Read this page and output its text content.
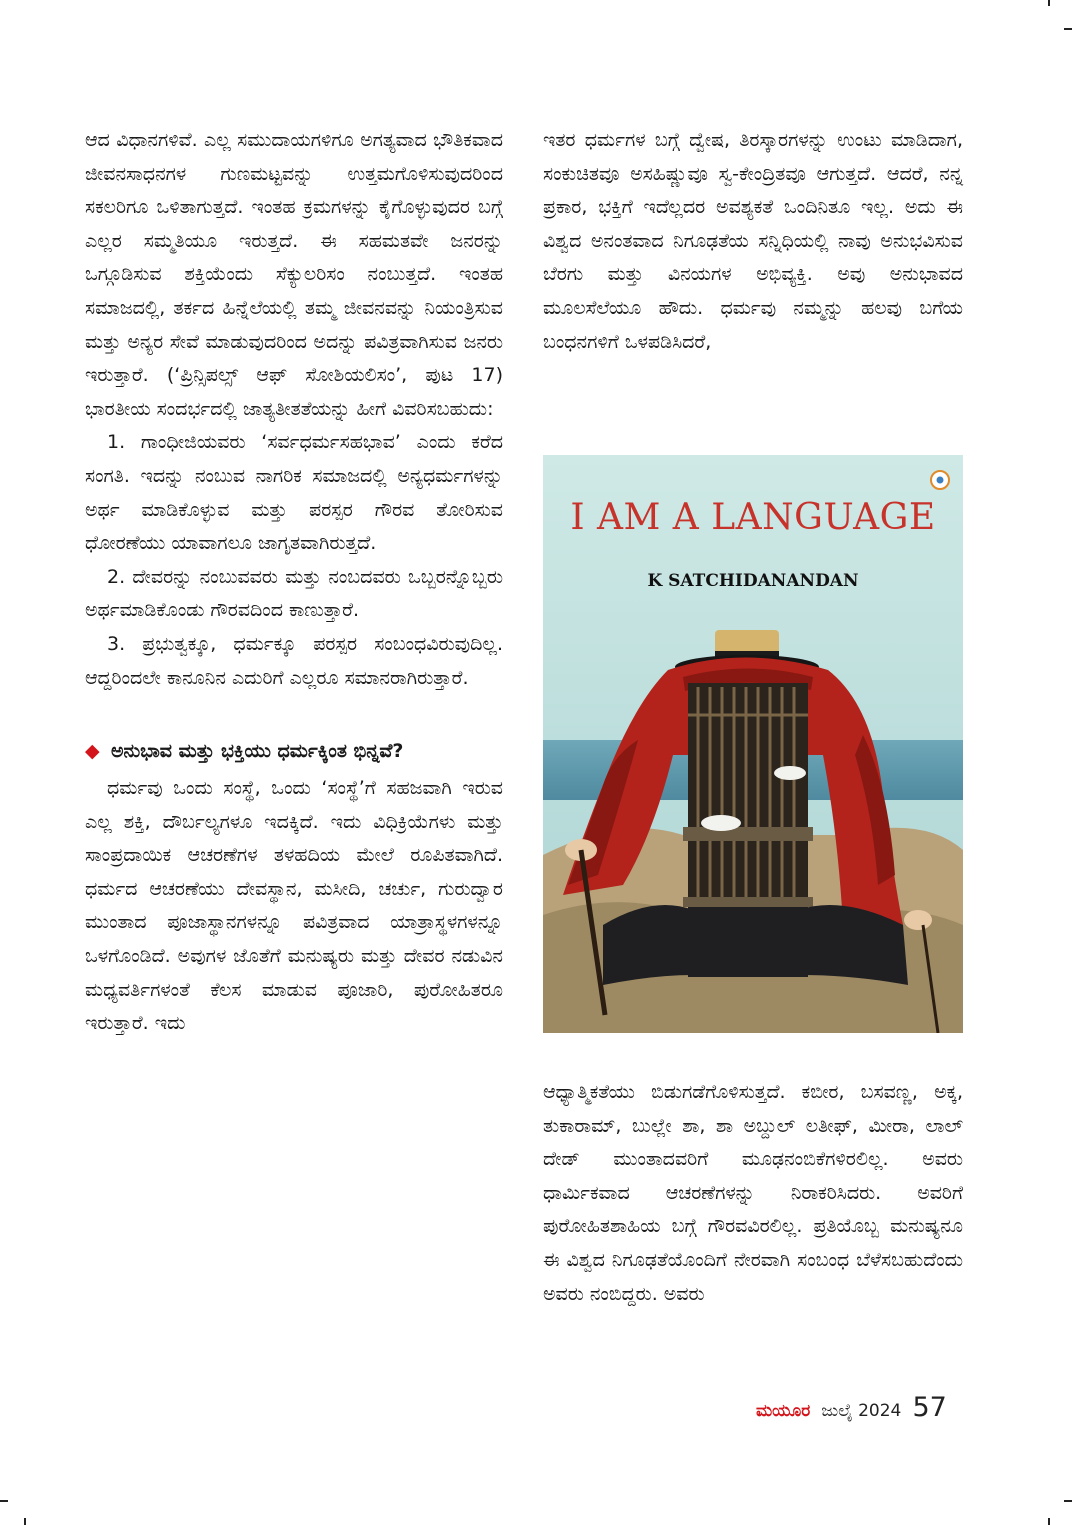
ಆದ ವಿಧಾನಗಳಿವೆ. ಎಲ್ಲ ಸಮುದಾಯಗಳಿಗೂ ಅಗತ್ಯವಾದ ಭೌತಿಕವಾದ ಜೀವನಸಾಧನಗಳ ಗುಣಮಟ್ಟವನ್ನು ಉತ್ತಮಗೊಳಿಸುವುದರಿಂದ ಸಕಲರಿಗೂ ಒಳಿತಾಗುತ್ತದೆ. ಇಂತಹ ಕ್ರಮಗಳನ್ನು ಕೈಗೊಳ್ಳುವುದರ ಬಗ್ಗೆ ಎಲ್ಲರ ಸಮ್ಮತಿಯೂ ಇರುತ್ತದೆ. ಈ ಸಹಮತವೇ ಜನರನ್ನು ಒಗ್ಗೂಡಿಸುವ ಶಕ್ತಿಯೆಂದು ಸೆಕ್ಯುಲರಿಸಂ ನಂಬುತ್ತದೆ. ಇಂತಹ ಸಮಾಜದಲ್ಲಿ, ತರ್ಕದ ಹಿನ್ನೆಲೆಯಲ್ಲಿ ತಮ್ಮ ಜೀವನವನ್ನು ನಿಯಂತ್ರಿಸುವ ಮತ್ತು ಅನ್ಯರ ಸೇವೆ ಮಾಡುವುದರಿಂದ ಅದನ್ನು ಪವಿತ್ರವಾಗಿಸುವ ಜನರು ಇರುತ್ತಾರೆ. (‘ಪ್ರಿನ್ಸಿಪಲ್ಸ್ ಆಫ್ ಸೋಶಿಯಲಿಸಂ’, ಪುಟ 17) ಭಾರತೀಯ ಸಂದರ್ಭದಲ್ಲಿ ಜಾತ್ಯತೀತತೆಯನ್ನು ಹೀಗೆ ವಿವರಿಸಬಹುದು:

1. ಗಾಂಧೀಜಿಯವರು ‘ಸರ್ವಧರ್ಮಸಹಭಾವ’ ಎಂದು ಕರೆದ ಸಂಗತಿ. ಇದನ್ನು ನಂಬುವ ನಾಗರಿಕ ಸಮಾಜದಲ್ಲಿ ಅನ್ಯಧರ್ಮಗಳನ್ನು ಅರ್ಥ ಮಾಡಿಕೊಳ್ಳುವ ಮತ್ತು ಪರಸ್ಪರ ಗೌರವ ತೋರಿಸುವ ಧೋರಣೆಯು ಯಾವಾಗಲೂ ಜಾಗೃತವಾಗಿರುತ್ತದೆ.

2. ದೇವರನ್ನು ನಂಬುವವರು ಮತ್ತು ನಂಬದವರು ಒಬ್ಬರನ್ನೊಬ್ಬರು ಅರ್ಥಮಾಡಿಕೊಂಡು ಗೌರವದಿಂದ ಕಾಣುತ್ತಾರೆ.

3. ಪ್ರಭುತ್ವಕ್ಕೂ, ಧರ್ಮಕ್ಕೂ ಪರಸ್ಪರ ಸಂಬಂಧವಿರುವುದಿಲ್ಲ. ಆದ್ದರಿಂದಲೇ ಕಾನೂನಿನ ಎದುರಿಗೆ ಎಲ್ಲರೂ ಸಮಾನರಾಗಿರುತ್ತಾರೆ.

◆ ಅನುಭಾವ ಮತ್ತು ಭಕ್ತಿಯು ಧರ್ಮಕ್ಕಿಂತ ಭಿನ್ನವೆ?

ಧರ್ಮವು ಒಂದು ಸಂಸ್ಥೆ, ಒಂದು ‘ಸಂಸ್ಥೆ’ಗೆ ಸಹಜವಾಗಿ ಇರುವ ಎಲ್ಲ ಶಕ್ತಿ, ದೌರ್ಬಲ್ಯಗಳೂ ಇದಕ್ಕಿದೆ. ಇದು ವಿಧಿಕ್ರಿಯೆಗಳು ಮತ್ತು ಸಾಂಪ್ರದಾಯಿಕ ಆಚರಣೆಗಳ ತಳಹದಿಯ ಮೇಲೆ ರೂಪಿತವಾಗಿದೆ. ಧರ್ಮದ ಆಚರಣೆಯು ದೇವಸ್ಥಾನ, ಮಸೀದಿ, ಚರ್ಚು, ಗುರುದ್ವಾರ ಮುಂತಾದ ಪೂಜಾಸ್ಥಾನಗಳನ್ನೂ ಪವಿತ್ರವಾದ ಯಾತ್ರಾಸ್ಥಳಗಳನ್ನೂ ಒಳಗೊಂಡಿದೆ. ಅವುಗಳ ಜೊತೆಗೆ ಮನುಷ್ಯರು ಮತ್ತು ದೇವರ ನಡುವಿನ ಮಧ್ಯವರ್ತಿಗಳಂತೆ ಕೆಲಸ ಮಾಡುವ ಪೂಜಾರಿ, ಪುರೋಹಿತರೂ ಇರುತ್ತಾರೆ. ಇದು

ಇತರ ಧರ್ಮಗಳ ಬಗ್ಗೆ ದ್ವೇಷ, ತಿರಸ್ಕಾರಗಳನ್ನು ಉಂಟು ಮಾಡಿದಾಗ, ಸಂಕುಚಿತವೂ ಅಸಹಿಷ್ಣುವೂ ಸ್ವ-ಕೇಂದ್ರಿತವೂ ಆಗುತ್ತದೆ. ಆದರೆ, ನನ್ನ ಪ್ರಕಾರ, ಭಕ್ತಿಗೆ ಇದೆಲ್ಲದರ ಅವಶ್ಯಕತೆ ಒಂದಿನಿತೂ ಇಲ್ಲ. ಅದು ಈ ವಿಶ್ವದ ಅನಂತವಾದ ನಿಗೂಢತೆಯ ಸನ್ನಿಧಿಯಲ್ಲಿ ನಾವು ಅನುಭವಿಸುವ ಬೆರಗು ಮತ್ತು ವಿನಯಗಳ ಅಭಿವ್ಯಕ್ತಿ. ಅವು ಅನುಭಾವದ ಮೂಲಸೆಲೆಯೂ ಹೌದು. ಧರ್ಮವು ನಮ್ಮನ್ನು ಹಲವು ಬಗೆಯ ಬಂಧನಗಳಿಗೆ ಒಳಪಡಿಸಿದರೆ,

I AM A LANGUAGE
K SATCHIDANANDAN

ಆಧ್ಯಾತ್ಮಿಕತೆಯು ಬಿಡುಗಡೆಗೊಳಿಸುತ್ತದೆ. ಕಬೀರ, ಬಸವಣ್ಣ, ಅಕ್ಕ, ತುಕಾರಾಮ್, ಬುಲ್ಲೇ ಶಾ, ಶಾ ಅಬ್ದುಲ್ ಲತೀಫ್, ಮೀರಾ, ಲಾಲ್ ದೇಡ್ ಮುಂತಾದವರಿಗೆ ಮೂಢನಂಬಿಕೆಗಳಿರಲಿಲ್ಲ. ಅವರು ಧಾರ್ಮಿಕವಾದ ಆಚರಣೆಗಳನ್ನು ನಿರಾಕರಿಸಿದರು. ಅವರಿಗೆ ಪುರೋಹಿತಶಾಹಿಯ ಬಗ್ಗೆ ಗೌರವವಿರಲಿಲ್ಲ. ಪ್ರತಿಯೊಬ್ಬ ಮನುಷ್ಯನೂ ಈ ವಿಶ್ವದ ನಿಗೂಢತೆಯೊಂದಿಗೆ ನೇರವಾಗಿ ಸಂಬಂಧ ಬೆಳೆಸಬಹುದೆಂದು ಅವರು ನಂಬಿದ್ದರು. ಅವರು

ಮಯೂರ ಜುಲೈ 2024 57
